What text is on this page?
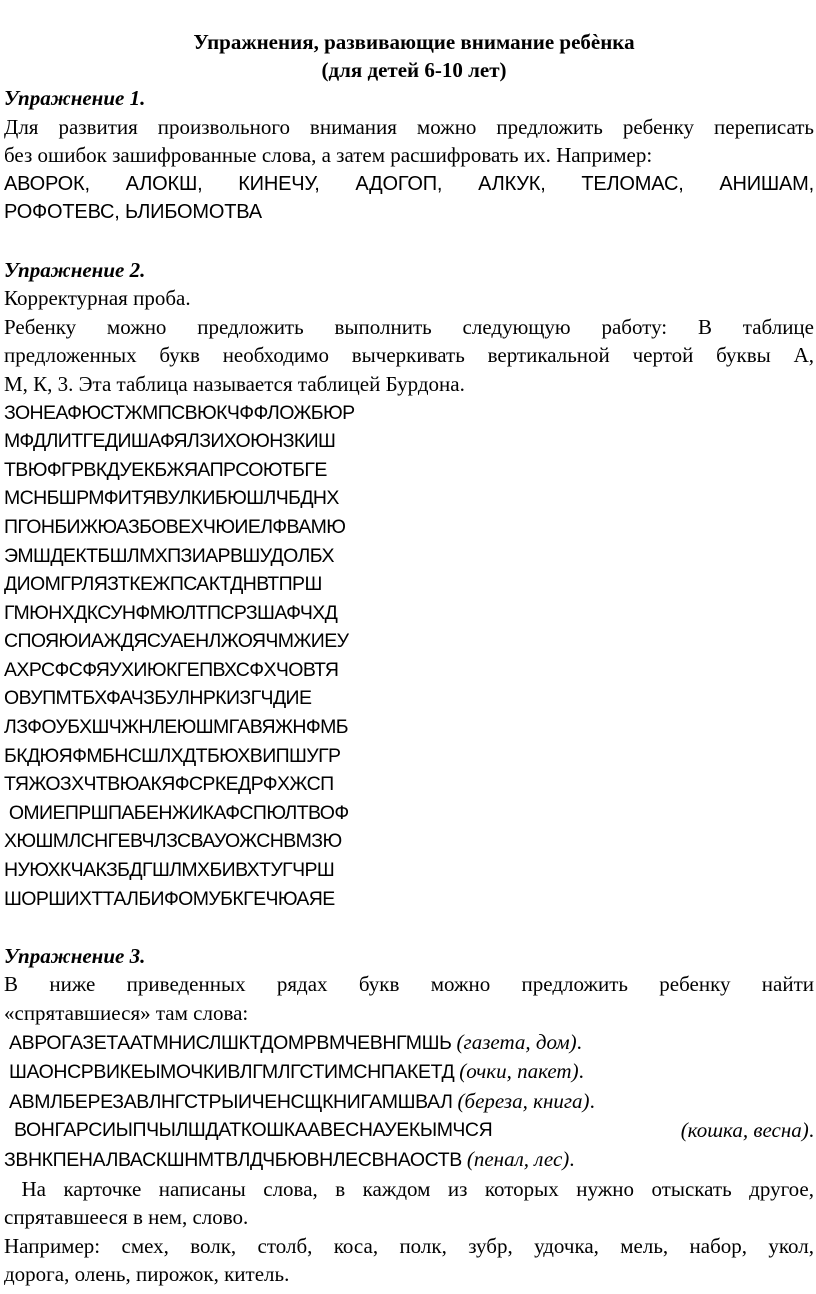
Упражнения, развивающие внимание ребѐнка
(для детей 6-10 лет)
Упражнение 1.
Для развития произвольного внимания можно предложить ребенку переписать
без ошибок зашифрованные слова, а затем расшифровать их. Например:
АВОРОК, АЛОКШ, КИНЕЧУ, АДОГОП, АЛКУК, ТЕЛОМАС, АНИШАМ,
РОФОТЕВС, ЬЛИБОМОТВА
Упражнение 2.
Корректурная проба.
Ребенку можно предложить выполнить следующую работу: В таблице
предложенных букв необходимо вычеркивать вертикальной чертой буквы А,
М, К, 3. Эта таблица называется таблицей Бурдона.
ЗОНЕАФЮСТЖМПСВЮКЧФФЛОЖБЮР
МФДЛИТГЕДИШАФЯЛЗИХОЮНЗКИШ
ТВЮФГРВКДУЕКБЖЯАПРСОЮТБГЕ
МСНБШРМФИТЯВУЛКИБЮШЛЧБДНХ
ПГОНБИЖЮАЗБОВЕХЧЮИЕЛФВАМЮ
ЭМШДЕКТБШЛМХПЗИАРВШУДОЛБХ
ДИОМГРЛЯЗТКЕЖПСАКТДНВТПРШ
ГМЮНХДКСУНФМЮЛТПСРЗШАФЧХД
СПОЯЮИАЖДЯСУАЕНЛЖОЯЧМЖИЕУ
АХРСФСФЯУХИЮКГЕПВХСФХЧОВТЯ
ОВУПМТБХФАЧЗБУЛНРКИЗГЧДИЕ
ЛЗФОУБХШЧЖНЛЕЮШМГАВЯЖНФМБ
БКДЮЯФМБНСШЛХДТБЮХВИПШУГР
ТЯЖОЗХЧТВЮАКЯФСРКЕДРФХЖСП
ОМИЕПРШПАБЕНЖИКАФСПЮЛТВОФ
ХЮШМЛСНГЕВЧЛЗСВАУОЖСНВМЗЮ
НУЮХКЧАКЗБДГШЛМХБИВХТУГЧРШ
ШОРШИХТТАЛБИФОМУБКГЕЧЮАЯЕ
Упражнение 3.
В ниже приведенных рядах букв можно предложить ребенку найти
«спрятавшиеся» там слова:
АВРОГАЗЕТААТМНИСЛШКТДОМРВМЧЕВНГМШЬ (газета, дом).
ШАОНСРВИКЕЫМОЧКИВЛГМЛГСТИМСНПАКЕТД (очки, пакет).
АВМЛБЕРЕЗАВЛНГСТРЫИЧЕНСЩКНИГАМШВАЛ (береза, книга).
ВОНГАРСИЫПЧЫЛШДАТКОШКААВЕСНАУЕКЫМЧСЯ	(кошка, весна).
ЗВНКПЕНАЛВАСКШНМТВЛДЧБЮВНЛЕСВНАОСТВ (пенал, лес).
На карточке написаны слова, в каждом из которых нужно отыскать другое,
спрятавшееся в нем, слово.
Например: смех, волк, столб, коса, полк, зубр, удочка, мель, набор, укол,
дорога, олень, пирожок, китель.
